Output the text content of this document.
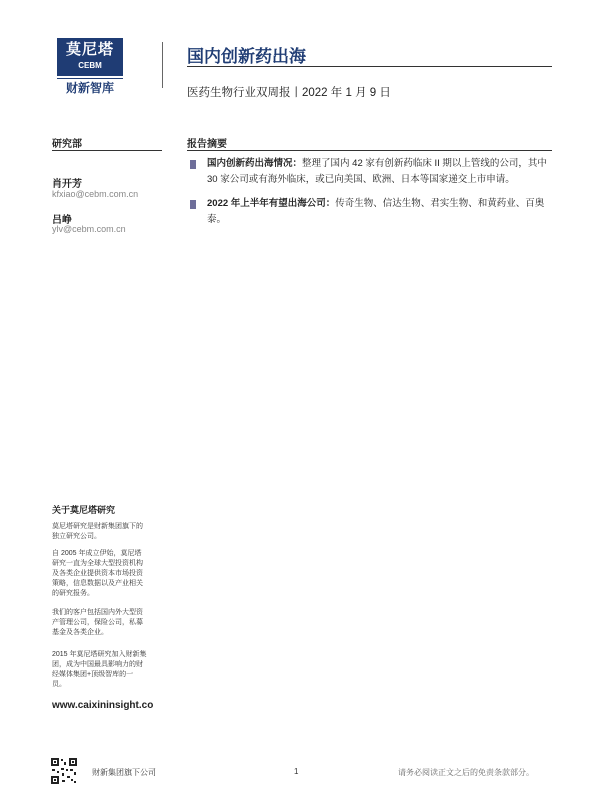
莫尼塔
CEBM
财新智库
国内创新药出海
医药生物行业双周报丨2022 年 1 月 9 日
研究部
肖开芳
kfxiao@cebm.com.cn
吕峥
ylv@cebm.com.cn
报告摘要
国内创新药出海情况：整理了国内 42 家有创新药临床 II 期以上管线的公司，其中 30 家公司或有海外临床，或已向美国、欧洲、日本等国家递交上市申请。
2022 年上半年有望出海公司：传奇生物、信达生物、君实生物、和黄药业、百奥泰。
关于莫尼塔研究
莫尼塔研究是财新集团旗下的独立研究公司。
自 2005 年成立伊始，莫尼塔研究一直为全球大型投资机构及各类企业提供资本市场投资策略，信息数据以及产业相关的研究报务。
我们的客户包括国内外大型资产管理公司，保险公司，私募基金及各类企业。
2015 年莫尼塔研究加入财新集团，成为中国最具影响力的财经媒体集团+顶级智库的一员。
www.caixininsight.co
财新集团旗下公司	1	请务必阅读正文之后的免责条款部分。
